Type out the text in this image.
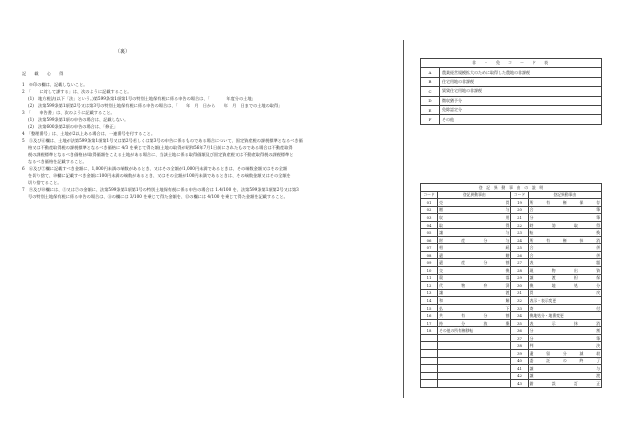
（裏）
記　載　心　得
1　※印の欄は、記載しないこと。
2　「　　に対して課する」は、次のように記載すること。
(1)　地方税法(以下「法」という。)第599条第1項第1号の特別土地保有税に係る申告の場合は、「　　　　年度分の土地」
(2)　法第599条第1項第2号又は第3号の特別土地保有税に係る申告の場合は、「　　年　月　日から　　年　月　日までの土地の取得」
3　「　　申告書」は、次のように記載すること。
(1)　法第599条第1項の申告の場合は、記載しない。
(2)　法第600条第2項の申告の場合は、「修正」
4　「整理番号」は、土地が2以上ある場合は、一連番号を付すること。
5　⑤及び⑥欄は、土地が法第599条第1項第1号又は第2号若しくは第3号の申告に係るものである場合について、固定資産税の課税標準となるべき価
格又は不動産取得税の課税標準となるべき価格に 4/3 を乗じて得た額(土地の取得が昭和56年7月1日前にされたものである場合は不動産取得
税の課税標準となるべき価格)が取得価額をこえる土地がある場合に、当該土地に係る取得価額及び固定資産税又は不動産取得税の課税標準と
なるべき価格を記載すること。
6　⑥及び⑦欄に記載すべき金額に、1,000円未満の端数があるとき、又はその全額が1,000円未満であるときは、その端数金額又はその全額
を切り捨て、⑩欄に記載すべき金額に100円未満の端数があるとき、又はその全額が100円未満であるときは、その端数金額又はその全額を
切り捨てること。
7　⑨及び⑩欄には、⑤又は⑦の金額に、法第599条第1項第1号の特別土地保有税に係る申告の場合は 1.4/100 を、法第599条第1項第2号又は第3
号の特別土地保有税に係る申告の場合は、⑪の欄には 3/100 を乗じて得た金額を、⑬の欄には 4/100 を乗じて得た金額を記載すること。
非　・　免　コ　ー　ド　表	
A	農業経営規模拡大のために取得した農地の非課税
B	住宅用地の非課税
C	賃貸住宅用地の非課税
D	徴収猶予分
E	免除認定分
F	その他
登　記　異　動　事　由　の　説　明			
コード	登記異動事由	コード	登記異動事由
01	売買	19	所有権保存
02	贈与	20	合筆
03	収用	21	分筆
04	取得	22	時効取得
05	譲与	23	転換
06	財産分与	24	所有権抹消
07	相続	25	合併
08	遺贈	26	合併
09	遺産分割	27	表題
10	交換	28	現物出資
11	競落	29	譲渡担保
12	代物弁済	30	換地処分
13	譲渡	31	買戻
14	和解	32	表示・表示変更
15	払下	33	寄付
16	共有分割	34	換地処分・地番変更
17	持分放棄	35	表示抹消
18	その他の所有権移転	36	分割
		37	分筆
		38	判決
		39	遺留分減殺
		40	委託の終了
		41	譲与
		42	譲渡
		43	錯誤訂正
